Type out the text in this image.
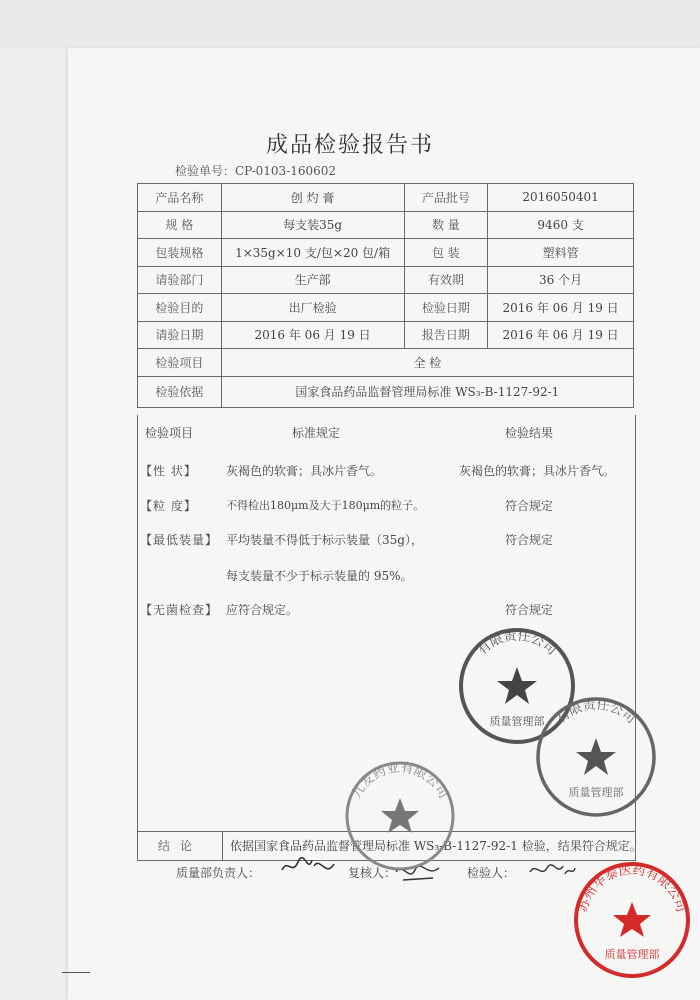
成品检验报告书
检验单号：CP-0103-160602
产品名称	创 灼 膏	产品批号	2016050401
规 格	每支装35g	数 量	9460 支
包装规格	1×35g×10 支/包×20 包/箱	包 装	塑料管
请验部门	生产部	有效期	36 个月
检验目的	出厂检验	检验日期	2016 年 06 月 19 日
请验日期	2016 年 06 月 19 日	报告日期	2016 年 06 月 19 日
检验项目	全 检		
检验依据	国家食品药品监督管理局标准 WS₃-B-1127-92-1		
检验项目	标准规定	检验结果
【性 状】 灰褐色的软膏；具冰片香气。	灰褐色的软膏；具冰片香气。
【粒 度】	不得检出180μm及大于180μm的粒子。	符合规定
【最低装量】 平均装量不得低于标示装量（35g），	符合规定
每支装量不少于标示装量的 95%。
【无菌检查】 应符合规定。	符合规定
结论	依据国家食品药品监督管理局标准 WS₃-B-1127-92-1 检验，结果符合规定。
质量部负责人：	复核人：	检验人：
有限责任公司
质量管理部 有限责任公司
质量管理部
九发药业有限公司
苏州华泰医药有限公司
质量管理部
